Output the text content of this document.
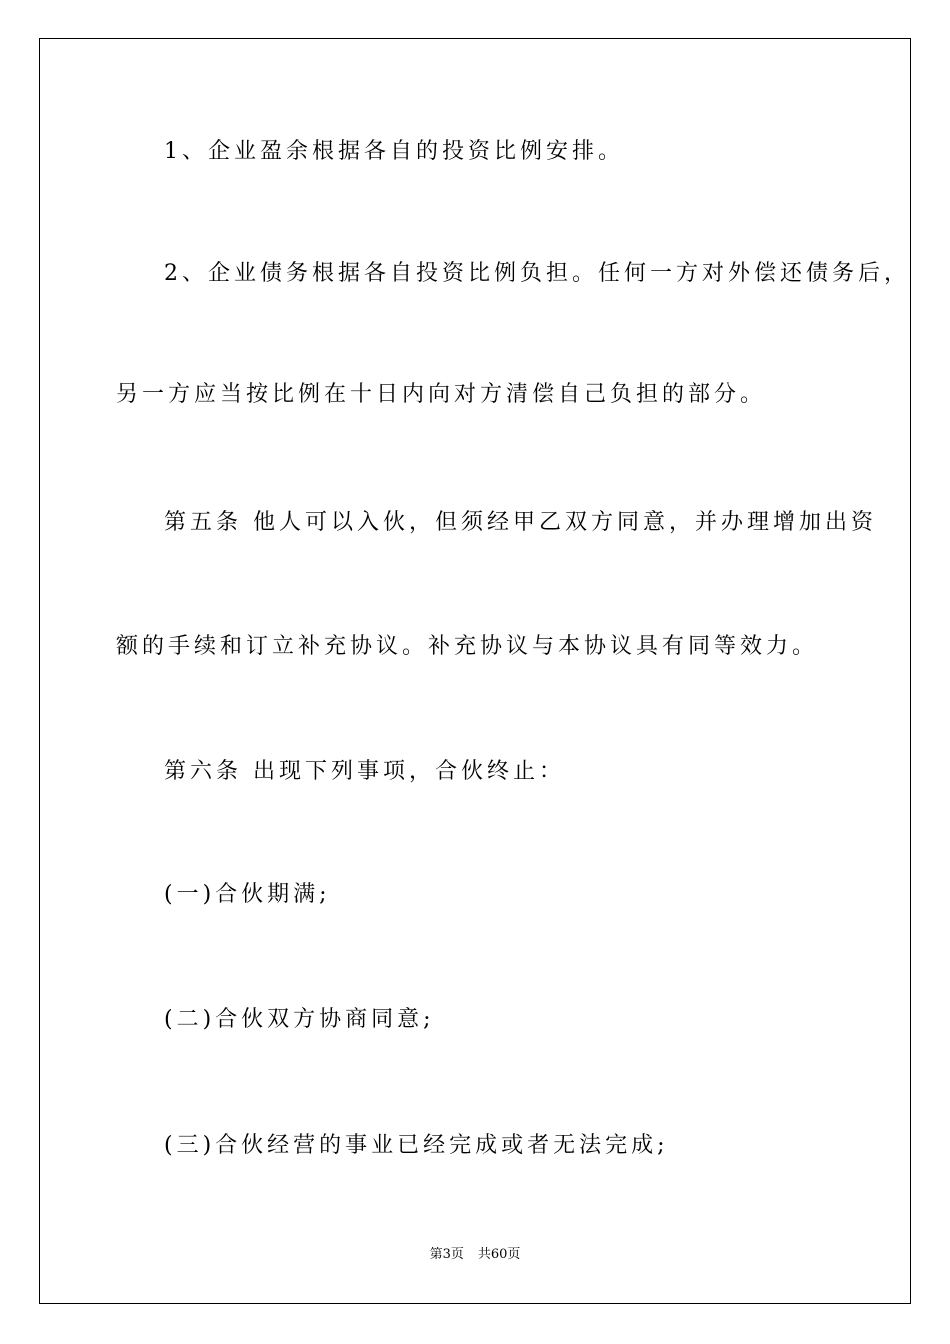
1、企业盈余根据各自的投资比例安排。
2、企业债务根据各自投资比例负担。任何一方对外偿还债务后，
另一方应当按比例在十日内向对方清偿自己负担的部分。
第五条 他人可以入伙，但须经甲乙双方同意，并办理增加出资
额的手续和订立补充协议。补充协议与本协议具有同等效力。
第六条 出现下列事项，合伙终止：
(一)合伙期满;
(二)合伙双方协商同意;
(三)合伙经营的事业已经完成或者无法完成;
第3页 共60页
